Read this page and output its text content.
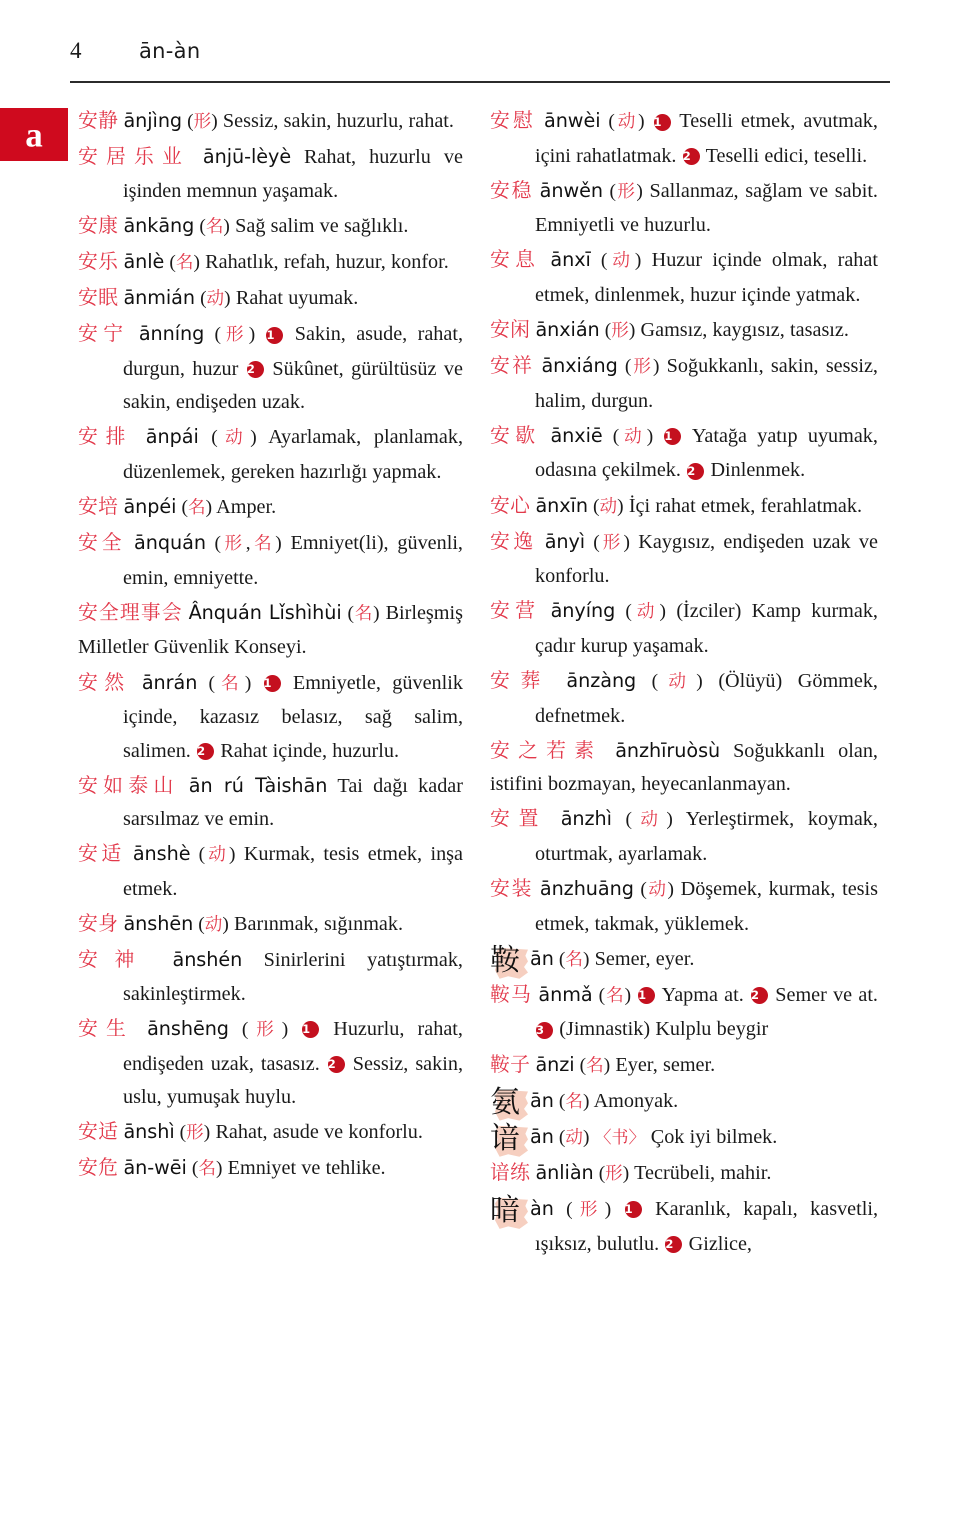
4	ān-àn
a	安静 ānjìng (形) Sessiz, sakin, huzurlu, rahat.

安居乐业 ānjū-lèyè Rahat, huzurlu ve işinden memnun yaşamak.

安康 ānkāng (名) Sağ salim ve sağlıklı.

安乐 ānlè (名) Rahatlık, refah, huzur, konfor.

安眠 ānmián (动) Rahat uyumak.

安宁 ānníng (形) 1 Sakin, asude, rahat, durgun, huzur 2 Sükûnet, gürültüsüz ve sakin, endişeden uzak.

安排 ānpái (动) Ayarlamak, planlamak, düzenlemek, gereken hazırlığı yapmak.

安培 ānpéi (名) Amper.

安全 ānquán (形,名) Emniyet(li), güvenli, emin, emniyette.

安全理事会 Ânquán Lǐshìhùi (名) Birleşmiş Milletler Güvenlik Konseyi.

安然 ānrán (名) 1 Emniyetle, güvenlik içinde, kazasız belasız, sağ salim, salimen. 2 Rahat içinde, huzurlu.

安如泰山 ān rú Tàishān Tai dağı kadar sarsılmaz ve emin.

安适 ānshè (动) Kurmak, tesis etmek, inşa etmek.

安身 ānshēn (动) Barınmak, sığınmak.

安神 ānshén Sinirlerini yatıştırmak, sakinleştirmek.

安生 ānshēng (形) 1 Huzurlu, rahat, endişeden uzak, tasasız. 2 Sessiz, sakin, uslu, yumuşak huylu.

安适 ānshì (形) Rahat, asude ve konforlu.

安危 ān-wēi (名) Emniyet ve tehlike.

安慰 ānwèi (动) 1 Teselli etmek, avutmak, içini rahatlatmak. 2 Teselli edici, teselli.

安稳 ānwěn (形) Sallanmaz, sağlam ve sabit. Emniyetli ve huzurlu.

安息 ānxī (动) Huzur içinde olmak, rahat etmek, dinlenmek, huzur içinde yatmak.

安闲 ānxián (形) Gamsız, kaygısız, tasasız.

安祥 ānxiáng (形) Soğukkanlı, sakin, sessiz, halim, durgun.

安歇 ānxiē (动) 1 Yatağa yatıp uyumak, odasına çekilmek. 2 Dinlenmek.

安心 ānxīn (动) İçi rahat etmek, ferahlatmak.

安逸 ānyì (形) Kaygısız, endişeden uzak ve konforlu.

安营 ānyíng (动) (İzciler) Kamp kurmak, çadır kurup yaşamak.

安葬 ānzàng (动) (Ölüyü) Gömmek, defnetmek.

安之若素 ānzhīruòsù Soğukkanlı olan, istifini bozmayan, heyecanlanmayan.

安置 ānzhì (动) Yerleştirmek, koymak, oturtmak, ayarlamak.

安装 ānzhuāng (动) Döşemek, kurmak, tesis etmek, takmak, yüklemek.

鞍ān (名) Semer, eyer.

鞍马 ānmǎ (名) 1 Yapma at. 2 Semer ve at. 3 (Jimnastik) Kulplu beygir

鞍子 ānzi (名) Eyer, semer.

氨ān (名) Amonyak.

谙ān (动) 〈书〉 Çok iyi bilmek.

谙练 ānliàn (形) Tecrübeli, mahir.

暗àn (形) 1 Karanlık, kapalı, kasvetli, ışıksız, bulutlu. 2 Gizlice,
